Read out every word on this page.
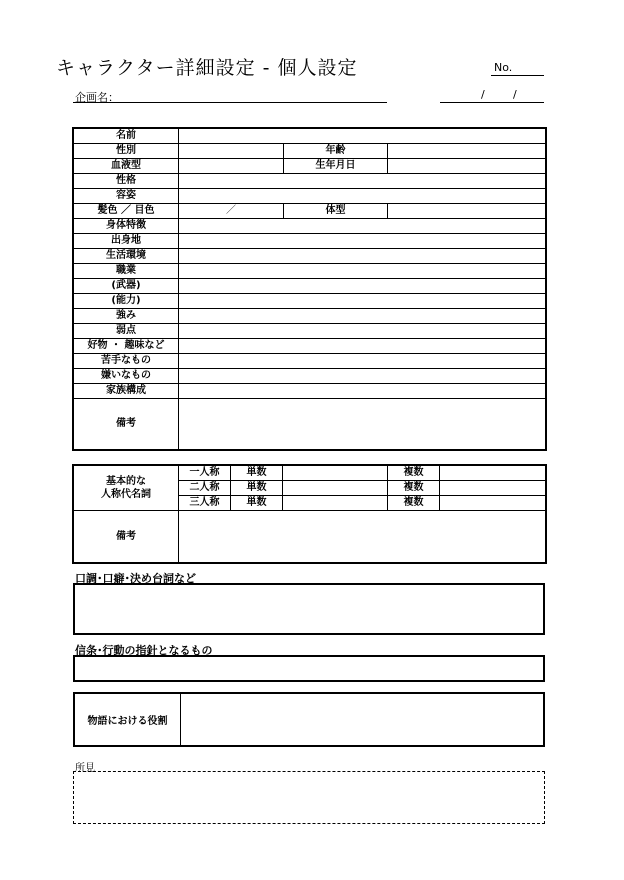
キャラクター詳細設定 - 個人設定	No.
企画名：	/	/
名前			
性別		年齢	
血液型		生年月日	
性格			
容姿			
髪色 ／ 目色	／	体型	
身体特徴			
出身地			
生活環境			
職業			
(武器)			
(能力)			
強み			
弱点			
好物 ・ 趣味など			
苦手なもの			
嫌いなもの			
家族構成			
備考			
基本的な
人称代名詞	一人称	単数		複数	
	二人称	単数		複数	
	三人称	単数		複数	
備考					
口調･口癖･決め台詞など
信条･行動の指針となるもの
物語における役割
所見
